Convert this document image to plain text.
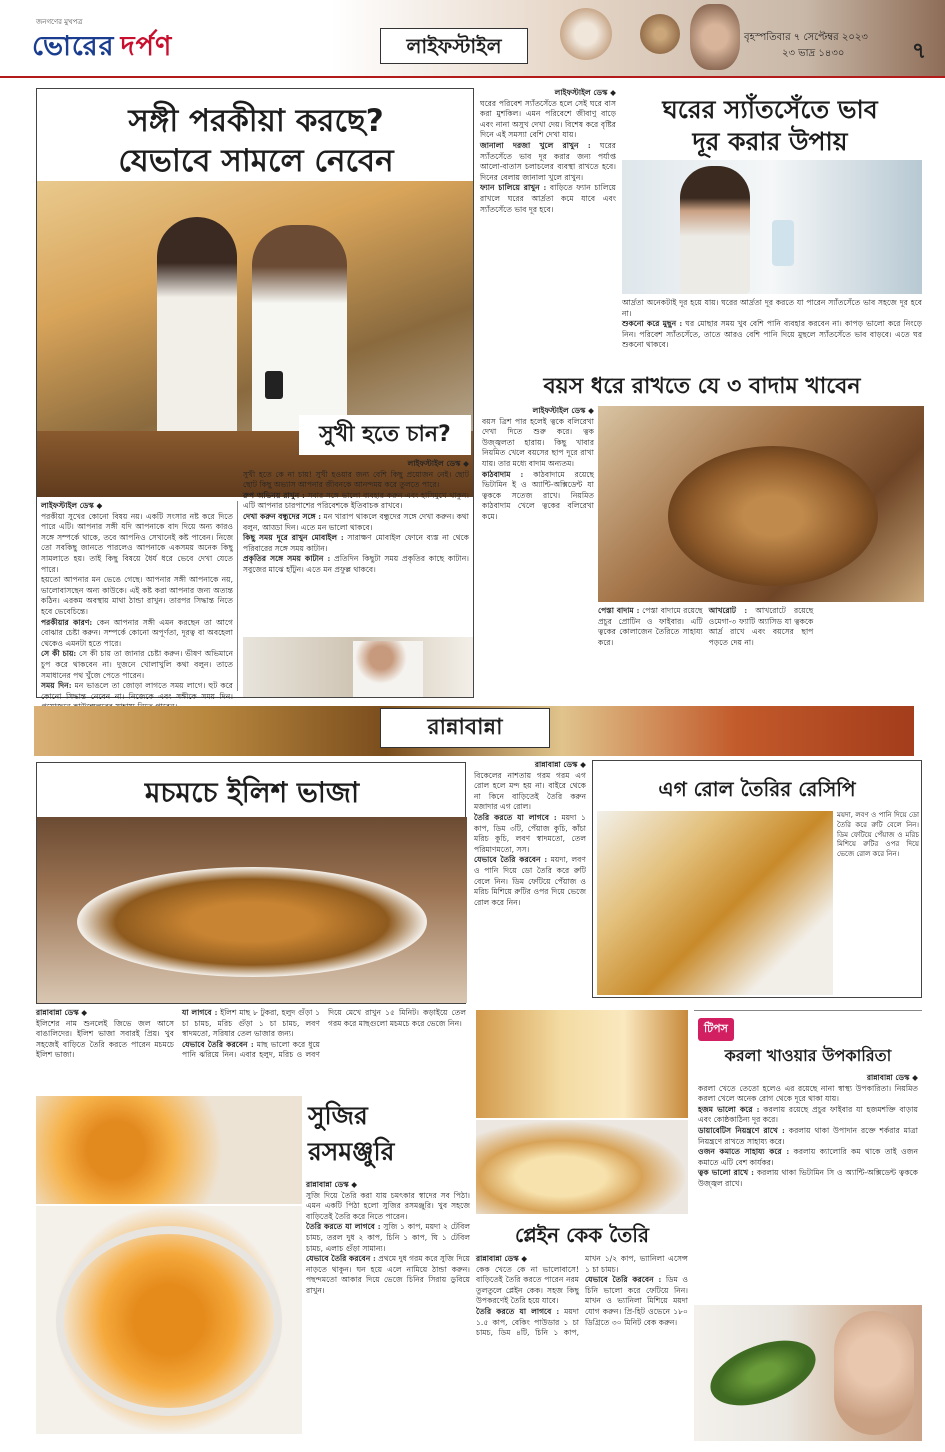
জনগণের মুখপত্র
ভোরের দর্পণ	লাইফস্টাইল	বৃহস্পতিবার ৭ সেপ্টেম্বর ২০২৩
২৩ ভাদ্র ১৪৩০	৭
সঙ্গী পরকীয়া করছে?
যেভাবে সামলে নেবেন
লাইফস্টাইল ডেস্ক ◆

পরকীয়া সুখের কোনো বিষয় নয়। একটি সংসার নষ্ট করে দিতে পারে এটি। আপনার সঙ্গী যদি আপনাকে বাদ দিয়ে অন্য কারও সঙ্গে সম্পর্কে থাকে, তবে আপনিও সেখানেই কষ্ট পাবেন। নিজে তো সবকিছু জানতে পারলেও আপনাকে একসময় অনেক কিছু সামলাতে হয়। তাই কিছু বিষয়ে ধৈর্য ধরে ভেবে দেখা যেতে পারে।

হয়তো আপনার মন ভেঙে গেছে। আপনার সঙ্গী আপনাকে নয়, ভালোবাসছেন অন্য কাউকে। এই কষ্ট করা আপনার জন্য অত্যন্ত কঠিন। এরকম অবস্থায় মাথা ঠান্ডা রাখুন। তারপর সিদ্ধান্ত নিতে হবে ভেবেচিন্তে।

পরকীয়ার কারণ: কেন আপনার সঙ্গী এমন করছেন তা আগে বোঝার চেষ্টা করুন। সম্পর্কে কোনো অপূর্ণতা, দূরত্ব বা অবহেলা থেকেও এমনটা হতে পারে।

সে কী চায়: সে কী চায় তা জানার চেষ্টা করুন। ভীষণ অভিমানে চুপ করে থাকবেন না। দুজনে খোলাখুলি কথা বলুন। তাতে সমাধানের পথ খুঁজে পেতে পারেন।

সময় দিন: মন ভাঙলে তা জোড়া লাগতে সময় লাগে। হুট করে কোনো সিদ্ধান্ত নেবেন না। নিজেকে এবং সঙ্গীকে সময় দিন।

সুখী হতে চান?
লাইফস্টাইল ডেস্ক ◆

সুখী হতে কে না চায়! সুখী হওয়ার জন্য বেশি কিছু প্রয়োজন নেই। ছোট ছোট কিছু অভ্যাস আপনার জীবনকে আনন্দময় করে তুলতে পারে।

রুপ অভিনয় রাখুন : সবার সঙ্গে ভালো ব্যবহার করুন এবং হাসিমুখে থাকুন। এটি আপনার চারপাশের পরিবেশকে ইতিবাচক রাখবে।

দেখা করুন বন্ধুদের সঙ্গে : মন খারাপ থাকলে বন্ধুদের সঙ্গে দেখা করুন। কথা বলুন, আড্ডা দিন। এতে মন ভালো থাকবে।

কিছু সময় দূরে রাখুন মোবাইল : সারাক্ষণ মোবাইল ফোনে ব্যস্ত না থেকে পরিবারের সঙ্গে সময় কাটান।

প্রকৃতির সঙ্গে সময় কাটান : প্রতিদিন কিছুটা সময় প্রকৃতির কাছে কাটান। সবুজের মাঝে হাঁটুন। এতে মন প্রফুল্ল থাকবে।

লাইফস্টাইল ডেস্ক ◆

ঘরের পরিবেশ স্যাঁতসেঁতে হলে সেই ঘরে বাস করা মুশকিল। এমন পরিবেশে জীবাণু বাড়ে এবং নানা অসুখ দেখা দেয়। বিশেষ করে বৃষ্টির দিনে এই সমস্যা বেশি দেখা যায়।

জানালা দরজা খুলে রাখুন : ঘরের স্যাঁতসেঁতে ভাব দূর করার জন্য পর্যাপ্ত আলো-বাতাস চলাচলের ব্যবস্থা রাখতে হবে। দিনের বেলায় জানালা খুলে রাখুন।

ফ্যান চালিয়ে রাখুন : বাড়িতে ফ্যান চালিয়ে রাখলে ঘরের আর্দ্রতা কমে যাবে এবং স্যাঁতসেঁতে ভাব দূর হবে।

ঘরের স্যাঁতসেঁতে ভাব
দূর করার উপায়

আর্দ্রতা অনেকটাই দূর হয়ে যায়। ঘরের আর্দ্রতা দূর করতে যা পারেন স্যাঁতসেঁতে ভাব সহজে দূর হবে না।

শুকনো করে মুছুন : ঘর মোছার সময় খুব বেশি পানি ব্যবহার করবেন না। কাপড় ভালো করে নিংড়ে নিন। পরিবেশ স্যাঁতসেঁতে, তাতে আরও বেশি পানি দিয়ে মুছলে স্যাঁতসেঁতে ভাব বাড়বে। এতে ঘর শুকনো থাকবে।

বয়স ধরে রাখতে যে ৩ বাদাম খাবেন
লাইফস্টাইল ডেস্ক ◆

বয়স ত্রিশ পার হলেই ত্বকে বলিরেখা দেখা দিতে শুরু করে। ত্বক উজ্জ্বলতা হারায়। কিছু খাবার নিয়মিত খেলে বয়সের ছাপ দূরে রাখা যায়। তার মধ্যে বাদাম অন্যতম।

কাঠবাদাম : কাঠবাদামে রয়েছে ভিটামিন ই ও অ্যান্টি-অক্সিডেন্ট যা ত্বককে সতেজ রাখে। নিয়মিত কাঠবাদাম খেলে ত্বকের বলিরেখা কমে।

পেস্তা বাদাম : পেস্তা বাদামে রয়েছে প্রচুর প্রোটিন ও ফাইবার। এটি ত্বকের কোলাজেন তৈরিতে সাহায্য করে।

আখরোট : আখরোটে রয়েছে ওমেগা-৩ ফ্যাটি অ্যাসিড যা ত্বককে আর্দ্র রাখে এবং বয়সের ছাপ পড়তে দেয় না।

রান্নাবান্না
মচমচে ইলিশ ভাজা
রান্নাবান্না ডেস্ক ◆

ইলিশের নাম শুনলেই জিভে জল আসে বাঙালিদের। ইলিশ ভাজা সবারই প্রিয়। খুব সহজেই বাড়িতে তৈরি করতে পারেন মচমচে ইলিশ ভাজা।

যা লাগবে : ইলিশ মাছ ৮ টুকরা, হলুদ গুঁড়া ১ চা চামচ, মরিচ গুঁড়া ১ চা চামচ, লবণ স্বাদমতো, সরিষার তেল ভাজার জন্য।

যেভাবে তৈরি করবেন : মাছ ভালো করে ধুয়ে পানি ঝরিয়ে নিন। এবার হলুদ, মরিচ ও লবণ দিয়ে মেখে রাখুন ১৫ মিনিট। কড়াইয়ে তেল গরম করে মাছগুলো মচমচে করে ভেজে নিন।

সুজির
রসমঞ্জুরি
রান্নাবান্না ডেস্ক ◆

সুজি দিয়ে তৈরি করা যায় চমৎকার স্বাদের সব পিঠা। এমন একটি পিঠা হলো সুজির রসমঞ্জুরি। খুব সহজে বাড়িতেই তৈরি করে নিতে পারেন।

তৈরি করতে যা লাগবে : সুজি ১ কাপ, ময়দা ২ টেবিল চামচ, তরল দুধ ২ কাপ, চিনি ১ কাপ, ঘি ১ টেবিল চামচ, এলাচ গুঁড়া সামান্য।

যেভাবে তৈরি করবেন : প্রথমে দুধ গরম করে সুজি দিয়ে নাড়তে থাকুন। ঘন হয়ে এলে নামিয়ে ঠান্ডা করুন। পছন্দমতো আকার দিয়ে ভেজে চিনির সিরায় ডুবিয়ে রাখুন।

রান্নাবান্না ডেস্ক ◆

বিকেলের নাশতায় গরম গরম এগ রোল হলে মন্দ হয় না। বাইরে থেকে না কিনে বাড়িতেই তৈরি করুন মজাদার এগ রোল।

তৈরি করতে যা লাগবে : ময়দা ১ কাপ, ডিম ৩টি, পেঁয়াজ কুচি, কাঁচা মরিচ কুচি, লবণ স্বাদমতো, তেল পরিমাণমতো, সস।

যেভাবে তৈরি করবেন : ময়দা, লবণ ও পানি দিয়ে ডো তৈরি করে রুটি বেলে নিন। ডিম ফেটিয়ে পেঁয়াজ ও মরিচ মিশিয়ে রুটির ওপর দিয়ে ভেজে রোল করে নিন।

এগ রোল তৈরির রেসিপি

ময়দা, লবণ ও পানি দিয়ে ডো তৈরি করে রুটি বেলে নিন। ডিম ফেটিয়ে পেঁয়াজ ও মরিচ মিশিয়ে রুটির ওপর দিয়ে ভেজে রোল করে নিন।

প্লেইন কেক তৈরি
রান্নাবান্না ডেস্ক ◆

কেক খেতে কে না ভালোবাসে! বাড়িতেই তৈরি করতে পারেন নরম তুলতুলে প্লেইন কেক। সহজ কিছু উপকরণেই তৈরি হয়ে যাবে।

তৈরি করতে যা লাগবে : ময়দা ১.৫ কাপ, বেকিং পাউডার ১ চা চামচ, ডিম ৪টি, চিনি ১ কাপ, মাখন ১/২ কাপ, ভ্যানিলা এসেন্স ১ চা চামচ।

যেভাবে তৈরি করবেন : ডিম ও চিনি ভালো করে ফেটিয়ে নিন। মাখন ও ভ্যানিলা মিশিয়ে ময়দা যোগ করুন। প্রি-হিট ওভেনে ১৮০ ডিগ্রিতে ৩০ মিনিট বেক করুন।

টিপস
করলা খাওয়ার উপকারিতা
রান্নাবান্না ডেস্ক ◆

করলা খেতে তেতো হলেও এর রয়েছে নানা স্বাস্থ্য উপকারিতা। নিয়মিত করলা খেলে অনেক রোগ থেকে দূরে থাকা যায়।

হজম ভালো করে : করলায় রয়েছে প্রচুর ফাইবার যা হজমশক্তি বাড়ায় এবং কোষ্ঠকাঠিন্য দূর করে।

ডায়াবেটিস নিয়ন্ত্রণে রাখে : করলায় থাকা উপাদান রক্তে শর্করার মাত্রা নিয়ন্ত্রণে রাখতে সাহায্য করে।

ওজন কমাতে সাহায্য করে : করলায় ক্যালোরি কম থাকে তাই ওজন কমাতে এটি বেশ কার্যকর।

ত্বক ভালো রাখে : করলায় থাকা ভিটামিন সি ও অ্যান্টি-অক্সিডেন্ট ত্বককে উজ্জ্বল রাখে।
